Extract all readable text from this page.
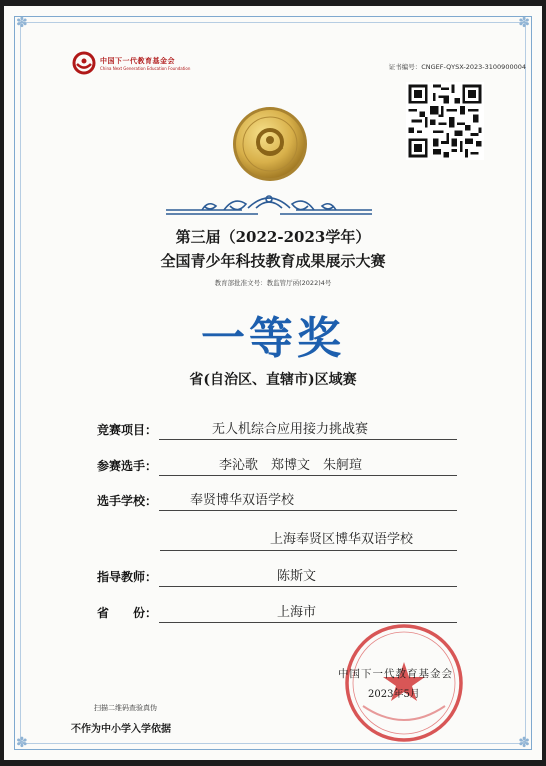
✽	✽
✽	✽
中国下一代教育基金会
China Next Generation Education Foundation	证书编号：CNGEF-QYSX-2023-3100900004
第三届（2022-2023学年）
全国青少年科技教育成果展示大赛
教育部批准文号：教监管厅函(2022)4号
一等奖
省(自治区、直辖市)区域赛
竞赛项目：	无人机综合应用接力挑战赛
参赛选手：	李沁歌　郑博文　朱舸瑄
选手学校：	奉贤博华双语学校
上海奉贤区博华双语学校
指导教师：	陈斯文
省　　份：	上海市
中国下一代教育基金会
2023年5月
扫描二维码查验真伪
不作为中小学入学依据
